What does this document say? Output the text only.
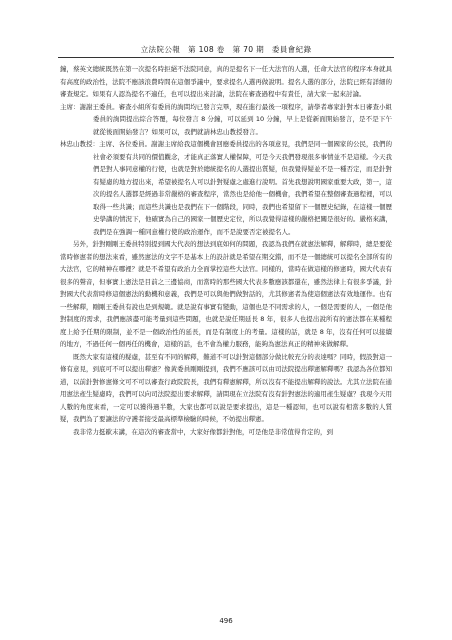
立法院公報　第 108 卷　第 70 期　委員會紀錄

鐘，蔡英文總統既然在第一次提名時拒絕不法院同意，真的是提名下一任大法官的人選，任命大法官的程序本身就具有高度的政治性，法院不應該浪費時間在這個爭議中，要求提名人選再做說明。提名人選的部分，法院已經有詳細的審查規定。如果有人認為提名不適任，也可以提出來討論，法院在審查過程中有責任，請大家一起來討論。

主席：謝謝王委員。審查小組所有委員的詢問均已發言完畢，現在進行最後一項程序，請學者專家針對本日審查小組委員的詢問提出綜合答覆，每位發言 8 分鐘，可以延到 10 分鐘，早上是從新面開始發言，是不是下午就從後面開始發言？如果可以，我們就請林忠山教授發言。

林忠山教授：主席、各位委員。謝謝主席給我這個機會回應委員提出的各項意見，我們是同一個國家的公民，我們的社會必須要有共同的價值觀念，才能真正落實人權保障，可是今天我們發現很多事情並不是這樣。今天我們是對人事同意權的行使，也就是對於總統提名的人選提出質疑，但我覺得疑並不是一種否定，而是針對有疑慮的地方提出來，希望被提名人可以針對疑慮之處進行說明。首先我想說明國家重要大政，第一，這次的提名人選都是經過非常嚴格的審查程序，當然也是給他一個機會，我們希望在整個審查過程裡，可以取得一些共識；而這些共識也是我們在下一個階段，同時，我們也希望留下一個歷史紀錄，在這樣一個歷史學講的情況下，他確實為自己的國家一個歷史定位，所以我覺得這樣的嚴格把關是很好的。嚴格來講，我們是在強調一種同意權行使的政治運作，而不是說要否定被提名人。

另外，針對剛剛王委員特別提到國大代表的想法到底如何的問題，我認為我們在就憲法解釋，解釋時，總是要從當時修憲者的想法來看，雖然憲法的文字不是基本上的設計就是希望在期交錯，而不是一個總統可以提名全部所有的大法官，它的精神在哪裡？就是不希望有政治力全面掌控這些大法官。同樣的，當時在做這樣的修憲時，國大代表有很多的聲音，但事實上憲法是目前之三邊協商，而當時的那些國大代表多數應該都還在，雖然法律上有很多爭議，針對國大代表當時修這個憲法的動機和意義，我們是可以與他們做對話的，尤其修憲者為使這個憲法有效地運作。也有一些解釋，剛剛王委員有說也是到規範。就是說有事實有變動，這個也是不同需求的人，一個是需要的人，一個是他對制度的需求，我們應該盡可能考量到這些問題，也就是說任期延長 8 年，很多人也提出說所有的憲法都在某種程度上給予任期的限制，並不是一個政治性的延長，而是有制度上的考量。這樣的話，就是 8 年，沒有任何可以接續的地方，不過任何一個再任的機會，這樣的話，也不會為權力服務，能夠為憲法真正的精神來做解釋。

既然大家有這樣的疑慮，甚至有不同的解釋，難道不可以針對這個部分做比較充分的表達嗎？同時，假設對這一條有意見，到底可不可以提出釋憲？像黃委員剛剛提到，我們不應該可以由司法院提出釋憲解釋嗎？我認為各位都知道，以前針對修憲條文可不可以審查行政院院長，我們有釋憲解釋，所以沒有不能提出解釋的說法。尤其立法院在通用憲法產生疑慮時，我們可以向司法院提出要求解釋，請問現在立法院有沒有針對憲法的適用產生疑慮？我現今天用人數的角度來看，一定可以獲得過半數，大家也都可以說是要求提出，這是一種認知，也可以說有相當多數的人質疑，我們為了要讓法的守護者接受最高標準檢驗的時候，不妨提出釋憲。

我非常力挺歐末講，在這次的審查當中，大家好像都針對他，可是他是非常值得肯定的，到

496
